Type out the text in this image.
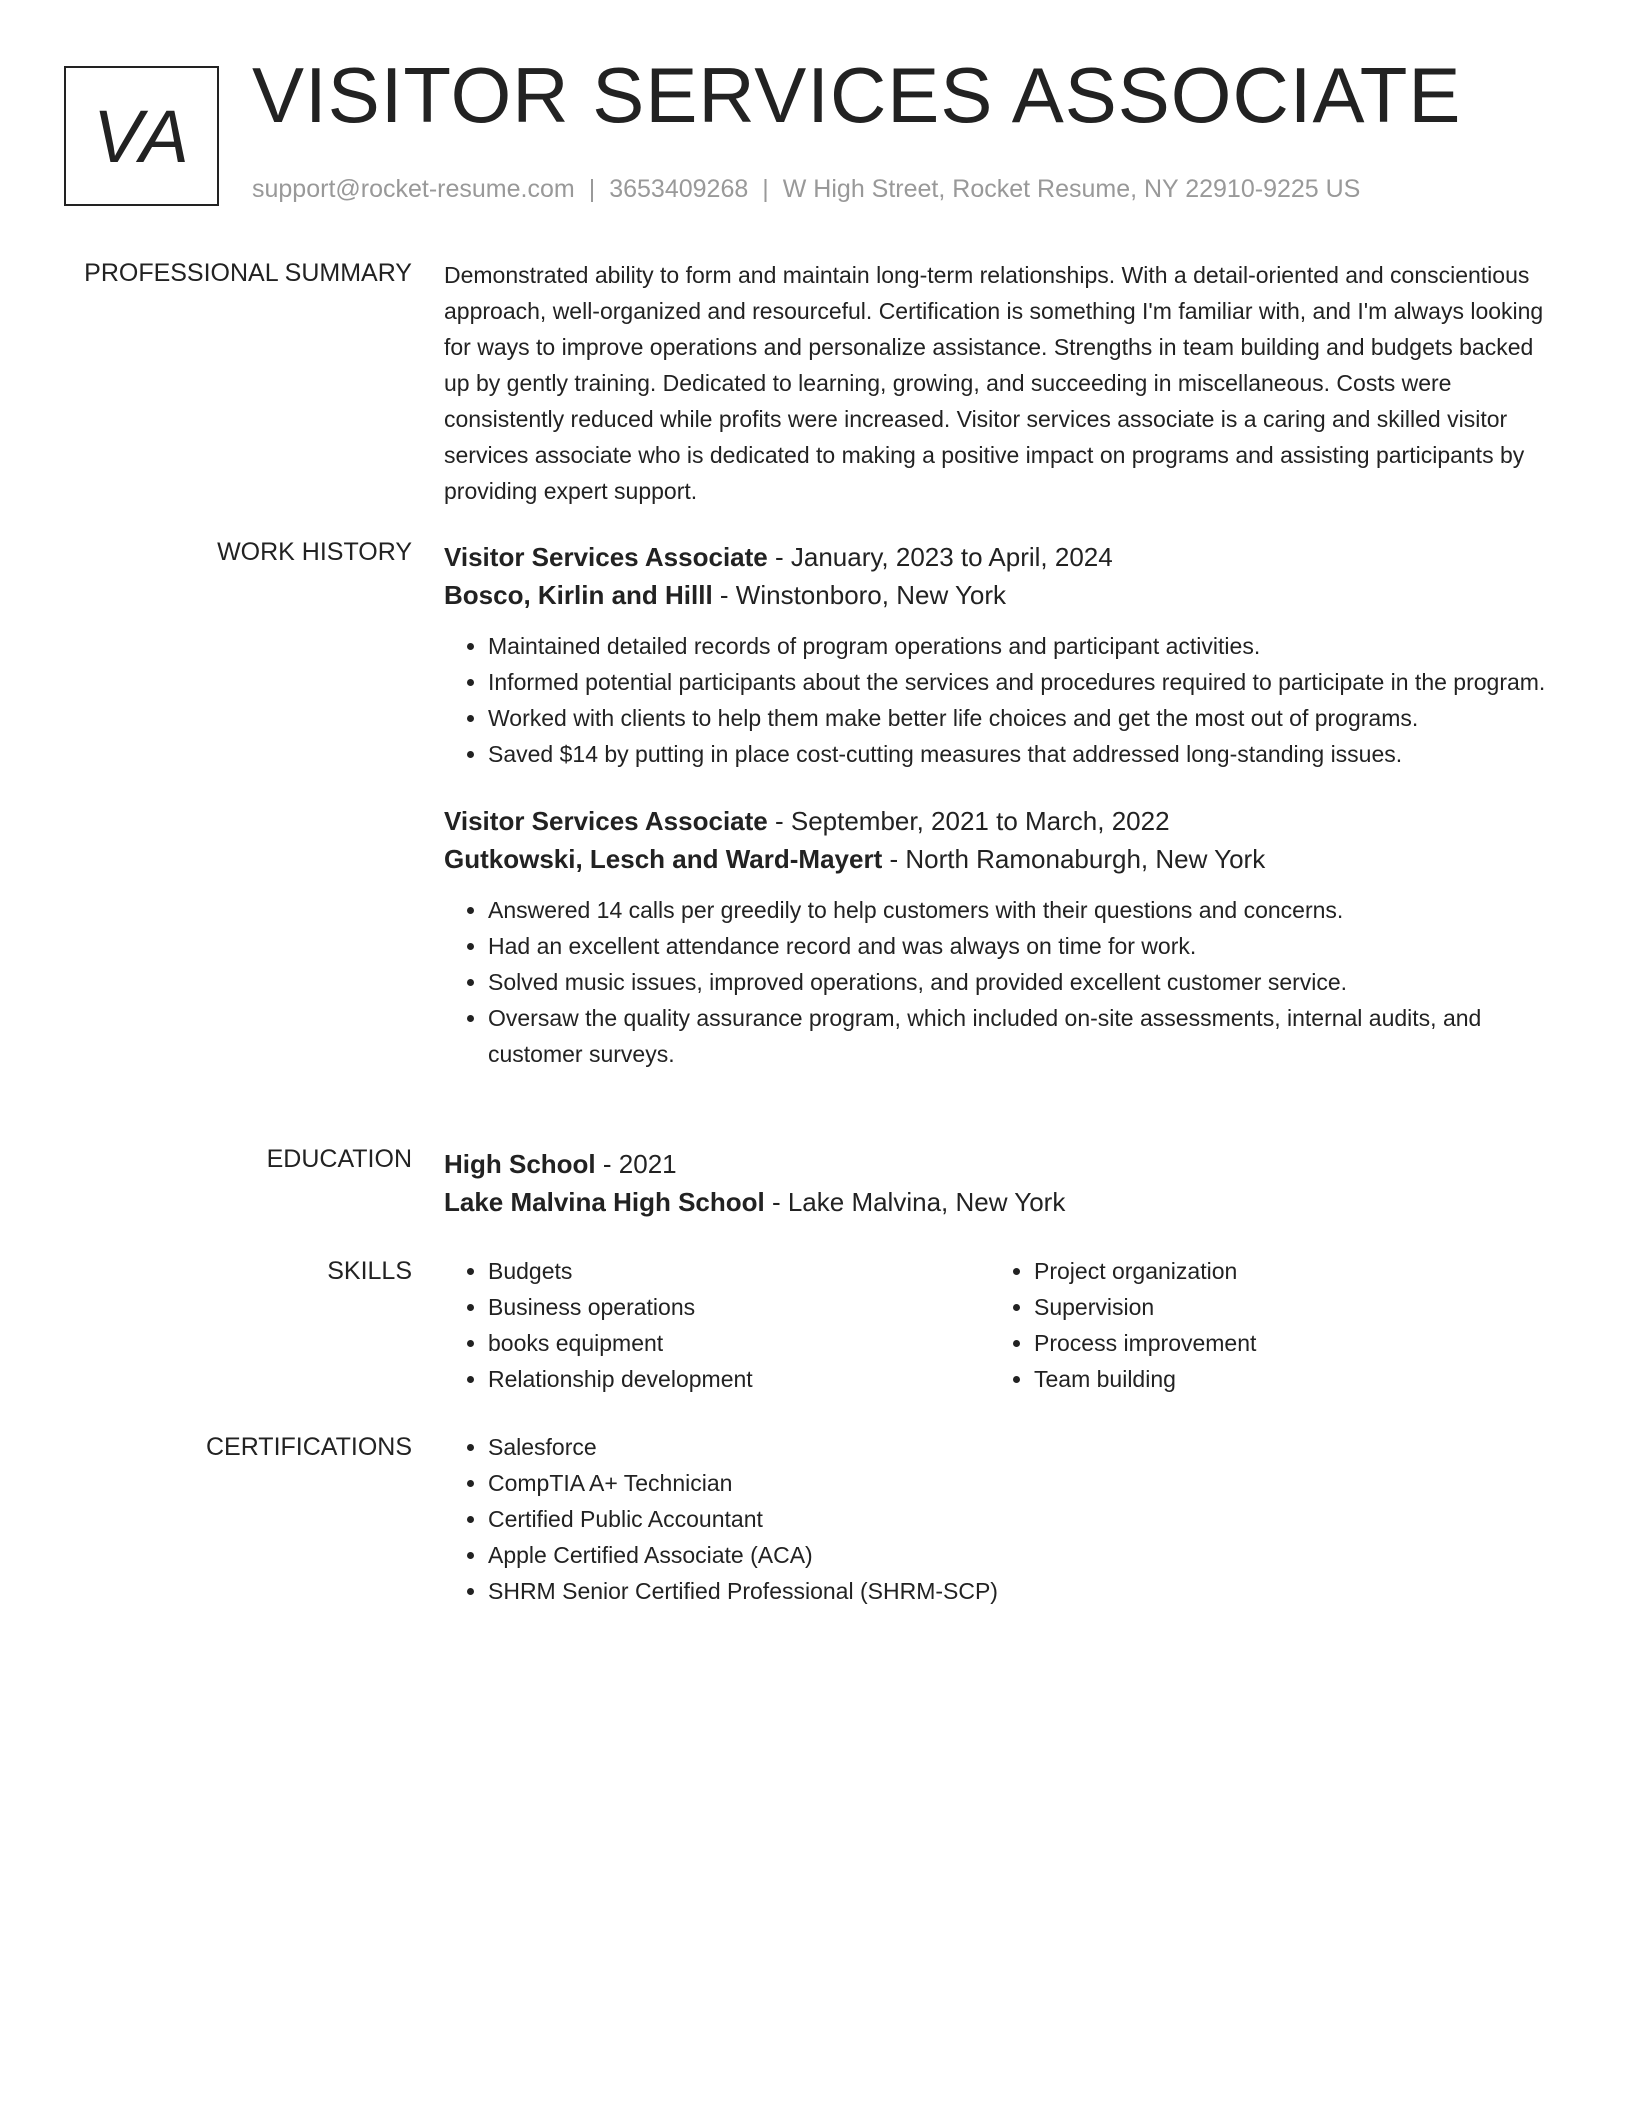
VA VISITOR SERVICES ASSOCIATE
support@rocket-resume.com | 3653409268 | W High Street, Rocket Resume, NY 22910-9225 US
PROFESSIONAL SUMMARY Demonstrated ability to form and maintain long-term relationships. With a detail-oriented and conscientious approach, well-organized and resourceful. Certification is something I'm familiar with, and I'm always looking for ways to improve operations and personalize assistance. Strengths in team building and budgets backed up by gently training. Dedicated to learning, growing, and succeeding in miscellaneous. Costs were consistently reduced while profits were increased. Visitor services associate is a caring and skilled visitor services associate who is dedicated to making a positive impact on programs and assisting participants by providing expert support.

WORK HISTORY Visitor Services Associate - January, 2023 to April, 2024
Bosco, Kirlin and Hilll - Winstonboro, New York
• Maintained detailed records of program operations and participant activities.
• Informed potential participants about the services and procedures required to participate in the program.
• Worked with clients to help them make better life choices and get the most out of programs.
• Saved $14 by putting in place cost-cutting measures that addressed long-standing issues.
Visitor Services Associate - September, 2021 to March, 2022
Gutkowski, Lesch and Ward-Mayert - North Ramonaburgh, New York
• Answered 14 calls per greedily to help customers with their questions and concerns.
• Had an excellent attendance record and was always on time for work.
• Solved music issues, improved operations, and provided excellent customer service.
• Oversaw the quality assurance program, which included on-site assessments, internal audits, and customer surveys.
EDUCATION High School - 2021
Lake Malvina High School - Lake Malvina, New York
SKILLS	• Budgets
• Business operations
• books equipment
• Relationship development
• Project organization
• Supervision
• Process improvement
• Team building
CERTIFICATIONS	• Salesforce
• CompTIA A+ Technician
• Certified Public Accountant
• Apple Certified Associate (ACA)
• SHRM Senior Certified Professional (SHRM-SCP)
